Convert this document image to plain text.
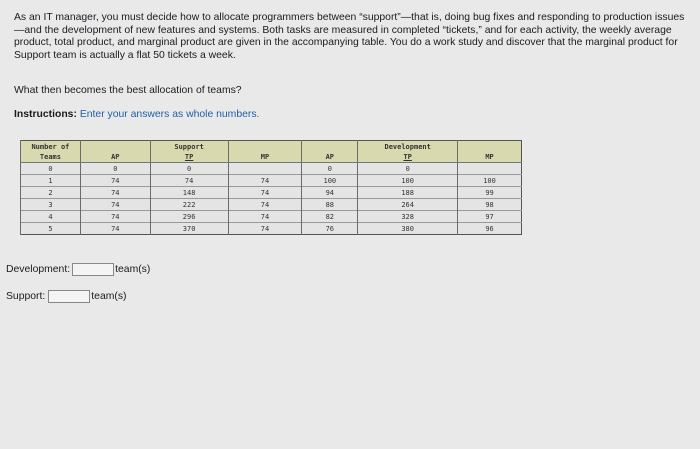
As an IT manager, you must decide how to allocate programmers between “support”—that is, doing bug fixes and responding to production issues—and the development of new features and systems. Both tasks are measured in completed “tickets,” and for each activity, the weekly average product, total product, and marginal product are given in the accompanying table. You do a work study and discover that the marginal product for Support team is actually a flat 50 tickets a week.
What then becomes the best allocation of teams?
Instructions: Enter your answers as whole numbers.
Number of		Support			Development	
Teams	AP	TP	MP	AP	TP	MP
0	0	0		0	0	
1	74	74	74	100	100	100
2	74	148	74	94	188	99
3	74	222	74	88	264	98
4	74	296	74	82	328	97
5	74	370	74	76	380	96
Development:	team(s)
Support:	team(s)
